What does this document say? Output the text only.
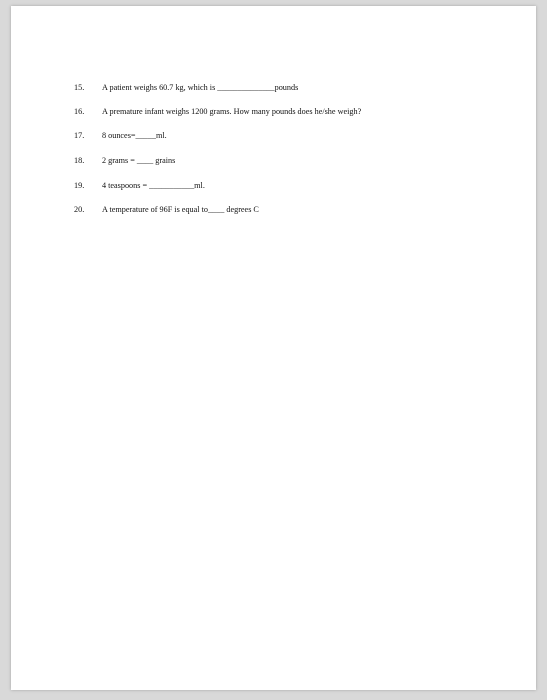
15. A patient weighs 60.7 kg, which is ______________pounds
16. A premature infant weighs 1200 grams. How many pounds does he/she weigh?
17. 8 ounces=_____ml.
18. 2 grams = ____ grains
19. 4 teaspoons = ___________ml.
20. A temperature of 96F is equal to____ degrees C
